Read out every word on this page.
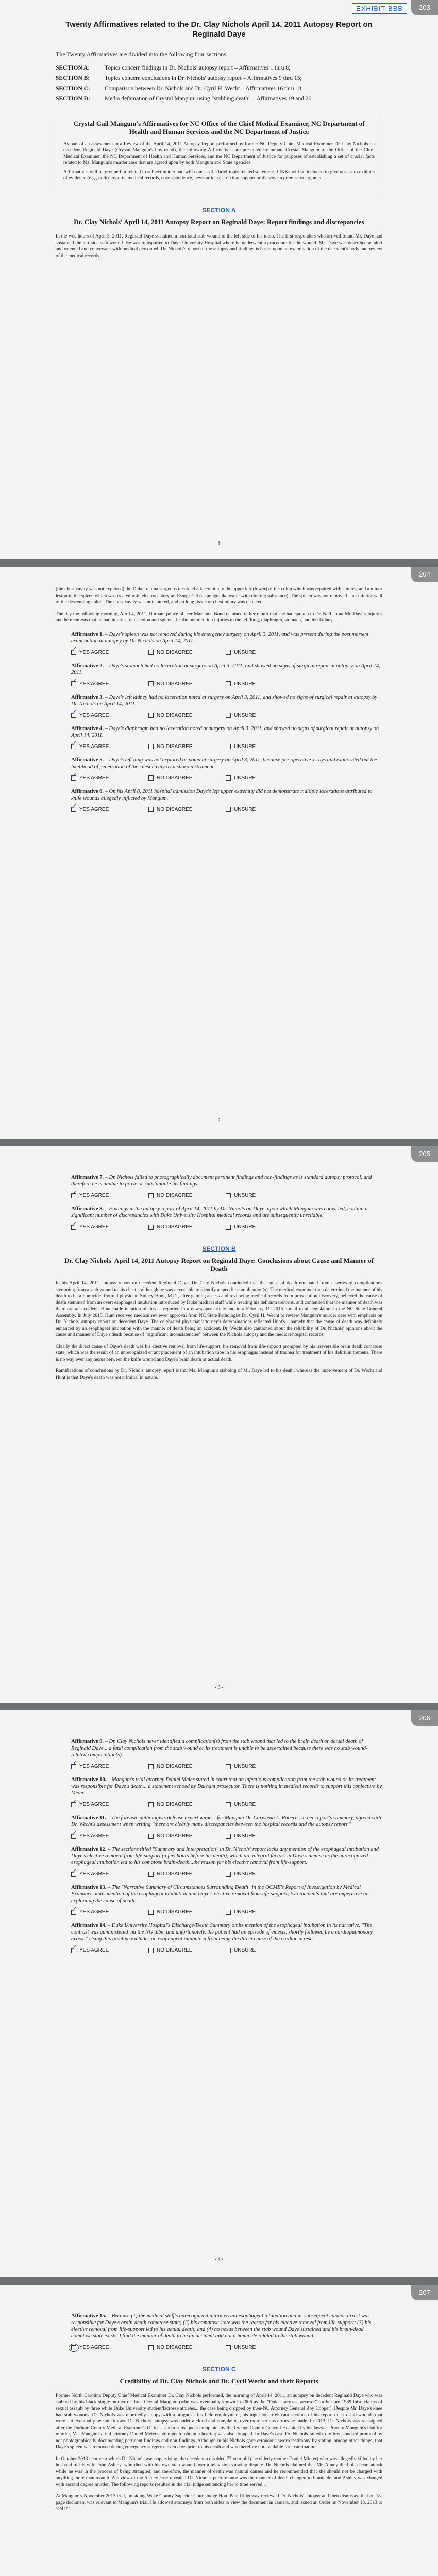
EXHIBIT BBB	203
Twenty Affirmatives related to the Dr. Clay Nichols April 14, 2011 Autopsy Report on Reginald Daye
The Twenty Affirmatives are divided into the following four sections:
SECTION A:	Topics concern findings in Dr. Nichols' autopsy report – Affirmatives 1 thru 8;
SECTION B:	Topics concern conclusions in Dr. Nichols' autopsy report – Affirmatives 9 thru 15;
SECTION C:	Comparison between Dr. Nichols and Dr. Cyril H. Wecht – Affirmatives 16 thru 18;
SECTION D:	Media defamation of Crystal Mangum using "stabbing death" – Affirmatives 19 and 20.
Crystal Gail Mangum's Affirmatives for NC Office of the Chief Medical Examiner, NC Department of Health and Human Services and the NC Department of Justice

As part of an assessment in a Review of the April 14, 2011 Autopsy Report performed by former NC Deputy Chief Medical Examiner Dr. Clay Nichols on decedent Reginald Daye (Crystal Mangum's boyfriend), the following Affirmatives are presented by inmate Crystal Mangum to the Office of the Chief Medical Examiner, the NC Department of Health and Human Services, and the NC Department of Justice for purposes of establishing a set of crucial facts related to Ms. Mangum's murder case that are agreed upon by both Mangum and State agencies.

Affirmatives will be grouped in related to subject matter and will consist of a brief topic-related statement. LINKs will be included to give access to exhibits of evidence (e.g., police reports, medical records, correspondence, news articles, etc.) that support or disprove a premise or argument.

SECTION A
Dr. Clay Nichols' April 14, 2011 Autopsy Report on Reginald Daye: Report findings and discrepancies
In the wee hours of April 3, 2011, Reginald Daye sustained a non-fatal stab wound to the left side of his torso. The first responders who arrived found Mr. Daye had sustained the left-side stab wound. He was transported to Duke University Hospital where he underwent a procedure for the wound. Mr. Daye was described as alert and oriented and conversant with medical personnel. Dr. Nichols's report of the autopsy and findings is based upon an examination of the decedent's body and review of the medical records.
- 1 -
204
(the chest cavity was not explored) the Duke trauma surgeons recorded a laceration to the upper left (lower) of the colon which was repaired with sutures, and a minor lesion in the spleen which was treated with electrocautery and Surgi-Cel (a sponge-like wafer with clotting substance). The spleen was not removed... an inferior wall of the descending colon. The chest cavity was not entered, and no lung tissue or chest injury was detected.
The day the following morning, April 4, 2011, Durham police officer Marianne Bond detained in her report that she had spoken to Dr. Nail about Mr. Daye's injuries and he mentions that he had injuries to his colon and spleen...he did not mention injuries to the left lung, diaphragm, stomach, and left kidney.
Affirmative 1. – Daye's spleen was not removed during his emergency surgery on April 3, 2011, and was present during the post mortem examination at autopsy by Dr. Nichols on April 14, 2011.
✓ YES AGREE	NO DISAGREE	UNSURE
Affirmative 2. – Daye's stomach had no laceration at surgery on April 3, 2011, and showed no signs of surgical repair at autopsy on April 14, 2011.
✓ YES AGREE	NO DISAGREE	UNSURE
Affirmative 3. – Daye's left kidney had no laceration noted at surgery on April 3, 2011, and showed no signs of surgical repair at autopsy by Dr. Nichols on April 14, 2011.
✓ YES AGREE	NO DISAGREE	UNSURE
Affirmative 4. – Daye's diaphragm had no laceration noted at surgery on April 3, 2011, and showed no signs of surgical repair at autopsy on April 14, 2011.
✓ YES AGREE	NO DISAGREE	UNSURE
Affirmative 5. – Daye's left lung was not explored or noted at surgery on April 3, 2011, because pre-operative x-rays and exam ruled out the likelihood of penetration of the chest cavity by a sharp instrument.
✓ YES AGREE	NO DISAGREE	UNSURE
Affirmative 6. – On his April 8, 2011 hospital admission Daye's left upper extremity did not demonstrate multiple lacerations attributed to knife wounds allegedly inflicted by Mangum.
✓ YES AGREE	NO DISAGREE	UNSURE
- 2 -
205
Affirmative 7. – Dr. Nichols failed to photographically document pertinent findings and non-findings as is standard autopsy protocol, and therefore he is unable to prove or substantiate his findings.
✓ YES AGREE	NO DISAGREE	UNSURE
Affirmative 8. – Findings in the autopsy report of April 14, 2011 by Dr. Nichols on Daye, upon which Mangum was convicted, contain a significant number of discrepancies with Duke University Hospital medical records and are subsequently unreliable.
✓ YES AGREE	NO DISAGREE	UNSURE
SECTION B
Dr. Clay Nichols' April 14, 2011 Autopsy Report on Reginald Daye: Conclusions about Cause and Manner of Death
In his April 14, 2011 autopsy report on decedent Reginald Daye, Dr. Clay Nichols concluded that the cause of death emanated from a series of complications stemming from a stab wound to his chest... although he was never able to identify a specific complication(s). The medical examiner then determined the manner of his death to be a homicide. Retired physician Sidney Hunt, M.D., after gaining access and reviewing medical records from prosecution discovery, believed the cause of death stemmed from an overt esophageal intubation introduced by Duke medical staff while treating his delirium tremens, and contended that the manner of death was therefore an accident. Hunt made mention of this as reported in a newspaper article and in a February 11, 2015 e-mail to all legislators in the NC State General Assembly. In July 2015, Hunt received medical reviewer approval from NC State Pathologist Dr. Cyril H. Wecht to review Mangum's murder case with emphasis on Dr. Nichols' autopsy report on decedent Daye. The celebrated physician/attorney's determinations reflected Hunt's... namely that the cause of death was definitely enhanced by an esophageal intubation with the manner of death being an accident. Dr. Wecht also cautioned about the reliability of Dr. Nichols' opinions about the cause and manner of Daye's death because of "significant inconsistencies" between the Nichols autopsy and the medical/hospital records.
Clearly the direct cause of Daye's death was his elective removal from life-support; his removal from life-support prompted by his irreversible brain death comatose state, which was the result of an unrecognized errant placement of an intubation tube in his esophagus instead of trachea for treatment of his delirium tremens. There is no way ever any nexus between the knife wound and Daye's brain death or actual death.
Ramifications of conclusions by Dr. Nichols' autopsy report is that Ms. Mangum's stabbing of Mr. Daye led to his death, whereas the improvement of Dr. Wecht and Hunt is that Daye's death was not criminal in nature.
- 3 -
206
Affirmative 9. – Dr. Clay Nichols never identified a complication(s) from the stab wound that led to the brain death or actual death of Reginald Daye... a fatal complication from the stab wound or its treatment is unable to be ascertained because there was no stab wound-related complication(s).
✓ YES AGREE	NO DISAGREE	UNSURE
Affirmative 10. – Mangum's trial attorney Daniel Meier stated in court that an infectious complication from the stab wound or its treatment was responsible for Daye's death... a statement echoed by Durham prosecutor. There is nothing in medical records to support this conjecture by Meier.
✓ YES AGREE	NO DISAGREE	UNSURE
Affirmative 11. – The forensic pathologists defense expert witness for Mangum Dr. Christena L. Roberts, in her report's summary, agreed with Dr. Wecht's assessment when writing "there are clearly many discrepancies between the hospital records and the autopsy report."
✓ YES AGREE	NO DISAGREE	UNSURE
Affirmative 12. – The sections titled "Summary and Interpretation" in Dr. Nichols' report lacks any mention of the esophageal intubation and Daye's elective removal from life-support (a few hours before his death), which are integral factors in Daye's demise as the unrecognized esophageal intubation led to his comatose brain-death...the reason for his elective removal from life-support.
✓ YES AGREE	NO DISAGREE	UNSURE
Affirmative 13. – The "Narrative Summary of Circumstances Surrounding Death" in the OCME's Report of Investigation by Medical Examiner omits mention of the esophageal intubation and Daye's elective removal from life-support; two incidents that are imperative in explaining the cause of death.
✓ YES AGREE	NO DISAGREE	UNSURE
Affirmative 14. – Duke University Hospital's Discharge/Death Summary omits mention of the esophageal intubation in its narrative. "The contrast was administered via the NG tube, and unfortunately, the patient had an episode of emesis, shortly followed by a cardiopulmonary arrest." Using this timeline excludes an esophageal intubation from being the direct cause of the cardiac arrest.
✓ YES AGREE	NO DISAGREE	UNSURE
- 4 -
207
Affirmative 15. – Because (1) the medical staff's unrecognized initial errant esophageal intubation and its subsequent cardiac arrest was responsible for Daye's brain-death comatose state; (2) his comatose state was the reason for his elective removal from life-support; (3) his elective removal from life-support led to his actual death; and (4) no nexus between the stab wound Daye sustained and his brain-dead comatose state exists, I find the manner of death to be an accident and not a homicide related to the stab wound.
YES AGREE	NO DISAGREE	UNSURE
SECTION C
Credibility of Dr. Clay Nichols and Dr. Cyril Wecht and their Reports
Former North Carolina Deputy Chief Medical Examiner Dr. Clay Nichols performed, the morning of April 14, 2011, an autopsy on decedent Reginald Daye who was stabbed by his black single mother of three Crystal Mangum (who was eventually known in 2006 as the "Duke Lacrosse accuser" for her pre-1989 false claims of sexual assault by three white Duke University student/lacrosse athletes... the case being dropped by then-NC Attorney General Roy Cooper). Despite Mr. Daye's knee had stab wounds, Dr. Nichols was reportedly sloppy with a prognosis his field employment, his input lots irrelevant sections of his report due to stab wounds that were... it eventually became known Dr. Nichols' autopsy was under a cloud and complaints over more serious errors he made. In 2013, Dr. Nichols was reassigned after the Durham County Medical Examiner's Office... and a subsequent complaint by the Orange County General Hospital by his lawyer. Prior to Mangum's trial for murder, Ms. Mangum's trial attorney Daniel Meier's attempts to obtain a hearing was also dropped. In Daye's case Dr. Nichols failed to follow standard protocol by not photographically documenting pertinent findings and non-findings. Although in his Nichols gave erroneous sworn testimony by stating, among other things, that Daye's spleen was removed during emergency surgery eleven days prior to his death and was therefore not available for examination.
In October 2013 near year which Dr. Nichols was supervising, the decedent a disabled 77 year old (the elderly mother Daniel Minter) who was allegedly killed by her husband of his wife John Ashley, who died with his own stab wound over a television viewing dispute. Dr. Nichols claimed that Mr. Anney died of a heart attack while he was in the process of being strangled, and therefore, the manner of death was natural causes and he recommended that she should not be charged with anything more than assault. A review of the Ashley case revealed Dr. Nichols' performance was the manner of death changed to homicide, and Ashley was charged with second degree murder. The following reports resulted in the trial judge sentencing her to time served...
At Mangum's November 2013 trial, presiding Wake County Superior Court Judge Hon. Paul Ridgeway reviewed Dr. Nichols' autopsy and then dismissed that on 18-page document was relevant to Mangum's trial. He allowed attorneys from both sides to view the document in camera, and issued an Order on November 18, 2013 to seal the
